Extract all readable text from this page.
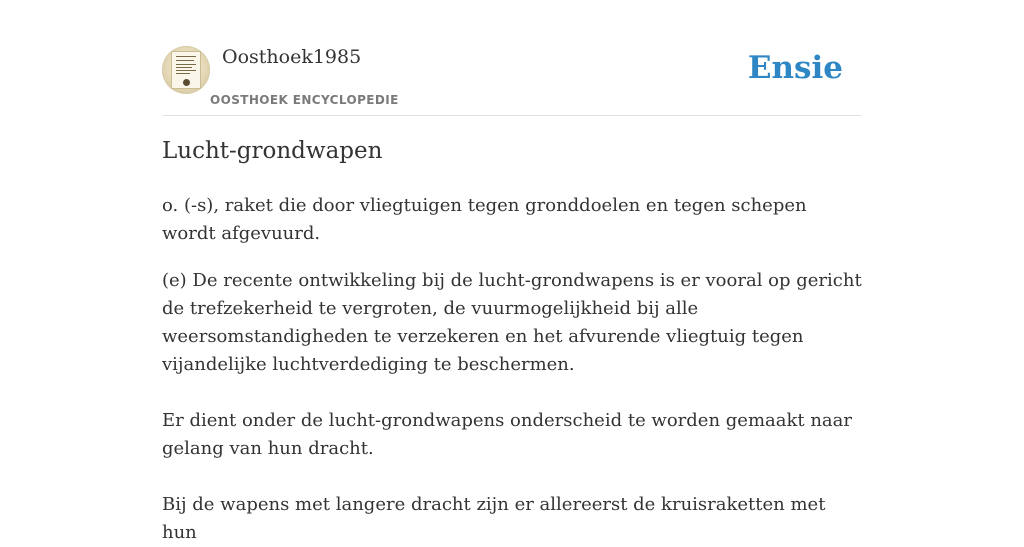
Oosthoek1985
OOSTHOEK ENCYCLOPEDIE
Ensie
Lucht-grondwapen

o. (-s), raket die door vliegtuigen tegen gronddoelen en tegen schepen wordt afgevuurd.

(e) De recente ontwikkeling bij de lucht-grondwapens is er vooral op gericht de trefzekerheid te vergroten, de vuurmogelijkheid bij alle weersomstandigheden te verzekeren en het afvurende vliegtuig tegen vijandelijke luchtverdediging te beschermen.

Er dient onder de lucht-grondwapens onderscheid te worden gemaakt naar gelang van hun dracht.

Bij de wapens met langere dracht zijn er allereerst de kruisraketten met hun
